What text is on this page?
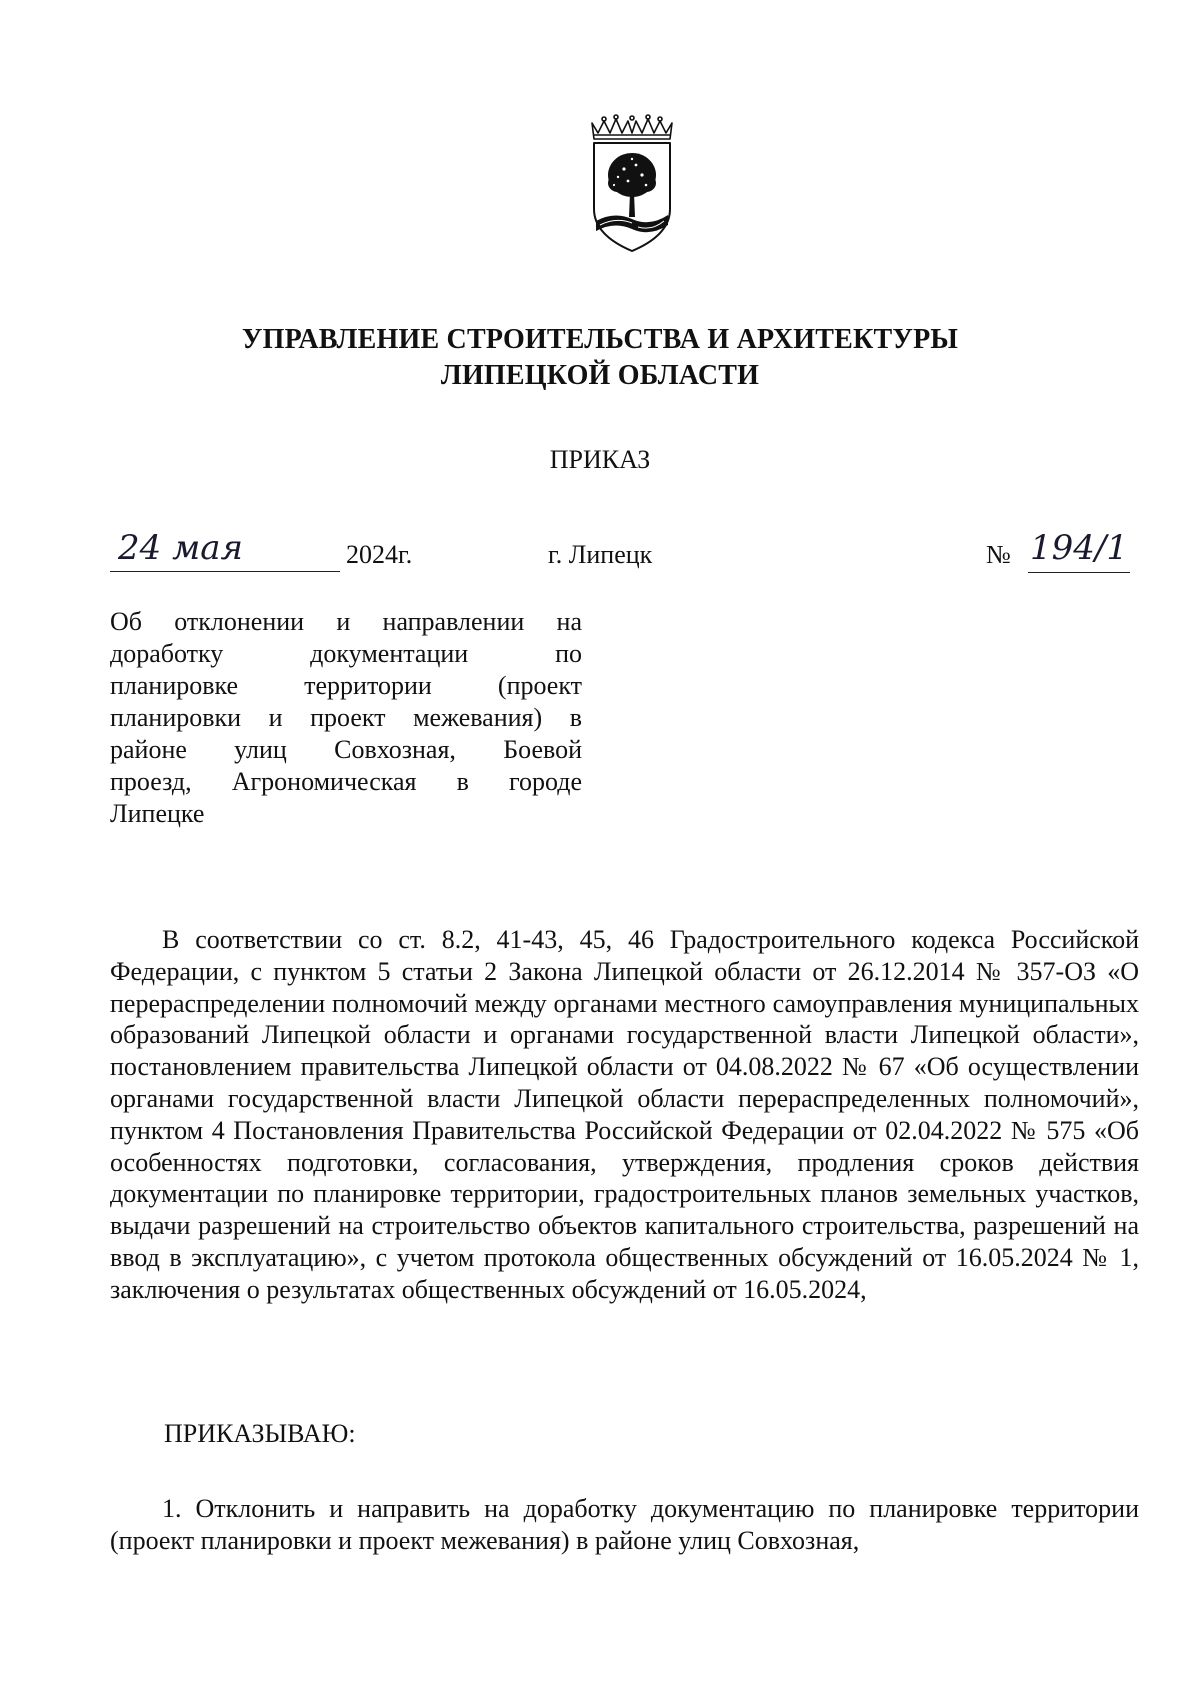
УПРАВЛЕНИЕ СТРОИТЕЛЬСТВА И АРХИТЕКТУРЫ
ЛИПЕЦКОЙ ОБЛАСТИ
ПРИКАЗ
24 мая	2024г.	г. Липецк	№ 194/1
Об отклонении и направлении на
доработку документации по
планировке территории (проект
планировки и проект межевания) в
районе улиц Совхозная, Боевой
проезд, Агрономическая в городе
Липецке

В соответствии со ст. 8.2, 41-43, 45, 46 Градостроительного кодекса Российской Федерации, с пунктом 5 статьи 2 Закона Липецкой области от 26.12.2014 № 357-ОЗ «О перераспределении полномочий между органами местного самоуправления муниципальных образований Липецкой области и органами государственной власти Липецкой области», постановлением правительства Липецкой области от 04.08.2022 № 67 «Об осуществлении органами государственной власти Липецкой области перераспределенных полномочий», пунктом 4 Постановления Правительства Российской Федерации от 02.04.2022 № 575 «Об особенностях подготовки, согласования, утверждения, продления сроков действия документации по планировке территории, градостроительных планов земельных участков, выдачи разрешений на строительство объектов капитального строительства, разрешений на ввод в эксплуатацию», с учетом протокола общественных обсуждений от 16.05.2024 № 1, заключения о результатах общественных обсуждений от 16.05.2024,

ПРИКАЗЫВАЮ:
1. Отклонить и направить на доработку документацию по планировке территории (проект планировки и проект межевания) в районе улиц Совхозная,
